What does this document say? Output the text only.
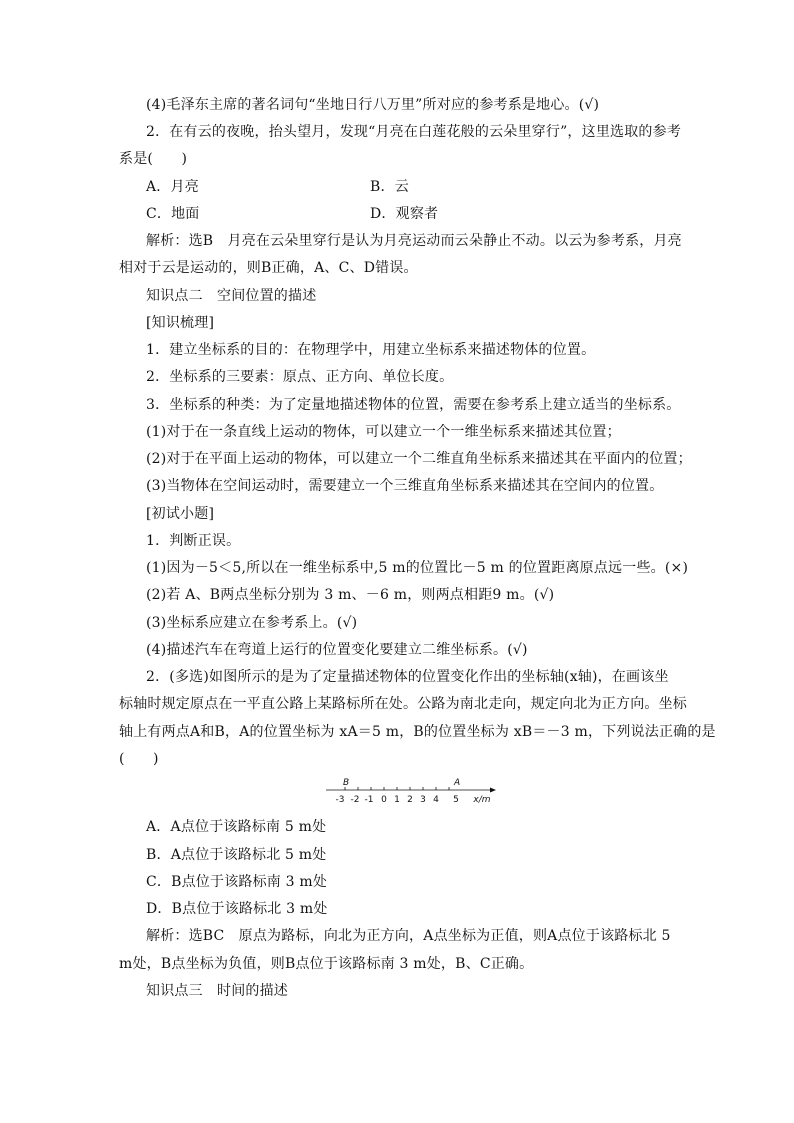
(4)毛泽东主席的著名词句“坐地日行八万里”所对应的参考系是地心。(√)
2．在有云的夜晚，抬头望月，发现“月亮在白莲花般的云朵里穿行”，这里选取的参考
系是(　　)
A．月亮	B．云
C．地面	D．观察者
解析：选B　月亮在云朵里穿行是认为月亮运动而云朵静止不动。以云为参考系，月亮
相对于云是运动的，则B正确，A、C、D错误。
知识点二　空间位置的描述
[知识梳理]
1．建立坐标系的目的：在物理学中，用建立坐标系来描述物体的位置。
2．坐标系的三要素：原点、正方向、单位长度。
3．坐标系的种类：为了定量地描述物体的位置，需要在参考系上建立适当的坐标系。
(1)对于在一条直线上运动的物体，可以建立一个一维坐标系来描述其位置；
(2)对于在平面上运动的物体，可以建立一个二维直角坐标系来描述其在平面内的位置；
(3)当物体在空间运动时，需要建立一个三维直角坐标系来描述其在空间内的位置。
[初试小题]
1．判断正误。
(1)因为－5＜5,所以在一维坐标系中,5 m的位置比－5 m 的位置距离原点远一些。(×)
(2)若 A、B两点坐标分别为 3 m、－6 m，则两点相距9 m。(√)
(3)坐标系应建立在参考系上。(√)
(4)描述汽车在弯道上运行的位置变化要建立二维坐标系。(√)
2．(多选)如图所示的是为了定量描述物体的位置变化作出的坐标轴(x轴)，在画该坐
标轴时规定原点在一平直公路上某路标所在处。公路为南北走向，规定向北为正方向。坐标
轴上有两点A和B，A的位置坐标为 xA＝5 m，B的位置坐标为 xB＝－3 m，下列说法正确的是
(　　)
B	A
-3 -2 -1 0 1 2 3 4 5 x/m
A．A点位于该路标南 5 m处
B．A点位于该路标北 5 m处
C．B点位于该路标南 3 m处
D．B点位于该路标北 3 m处
解析：选BC　原点为路标，向北为正方向，A点坐标为正值，则A点位于该路标北 5
m处，B点坐标为负值，则B点位于该路标南 3 m处，B、C正确。
知识点三　时间的描述
